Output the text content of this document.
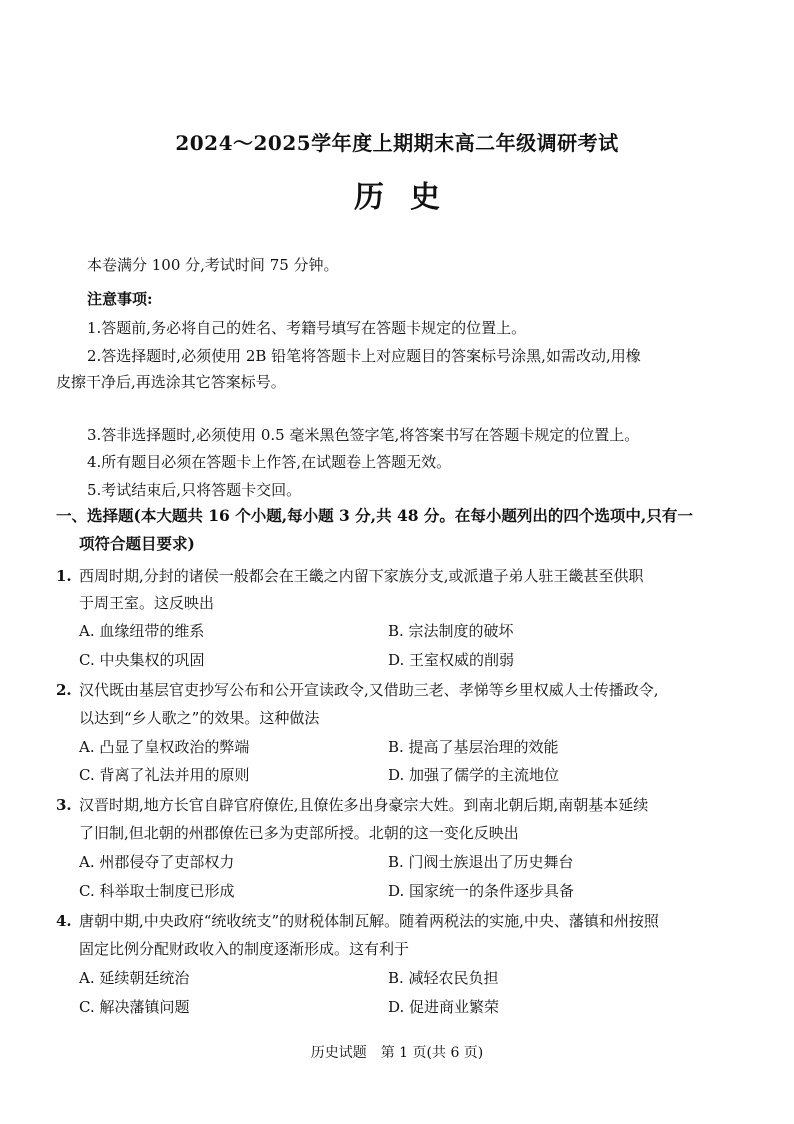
2024～2025学年度上期期末高二年级调研考试
历史
本卷满分 100 分,考试时间 75 分钟。
注意事项:
1.答题前,务必将自己的姓名、考籍号填写在答题卡规定的位置上。
2.答选择题时,必须使用 2B 铅笔将答题卡上对应题目的答案标号涂黑,如需改动,用橡
皮擦干净后,再选涂其它答案标号。
3.答非选择题时,必须使用 0.5 毫米黑色签字笔,将答案书写在答题卡规定的位置上。
4.所有题目必须在答题卡上作答,在试题卷上答题无效。
5.考试结束后,只将答题卡交回。
一、选择题(本大题共 16 个小题,每小题 3 分,共 48 分。在每小题列出的四个选项中,只有一
项符合题目要求)
1. 西周时期,分封的诸侯一般都会在王畿之内留下家族分支,或派遣子弟人驻王畿甚至供职
于周王室。这反映出
A. 血缘纽带的维系	B. 宗法制度的破坏
C. 中央集权的巩固	D. 王室权威的削弱
2. 汉代既由基层官吏抄写公布和公开宣读政令,又借助三老、孝悌等乡里权威人士传播政令,
以达到“乡人歌之”的效果。这种做法
A. 凸显了皇权政治的弊端	B. 提高了基层治理的效能
C. 背离了礼法并用的原则	D. 加强了儒学的主流地位
3. 汉晋时期,地方长官自辟官府僚佐,且僚佐多出身豪宗大姓。到南北朝后期,南朝基本延续
了旧制,但北朝的州郡僚佐已多为吏部所授。北朝的这一变化反映出
A. 州郡侵夺了吏部权力	B. 门阀士族退出了历史舞台
C. 科举取士制度已形成	D. 国家统一的条件逐步具备
4. 唐朝中期,中央政府“统收统支”的财税体制瓦解。随着两税法的实施,中央、藩镇和州按照
固定比例分配财政收入的制度逐渐形成。这有利于
A. 延续朝廷统治	B. 减轻农民负担
C. 解决藩镇问题	D. 促进商业繁荣
历史试题　第 1 页(共 6 页)
